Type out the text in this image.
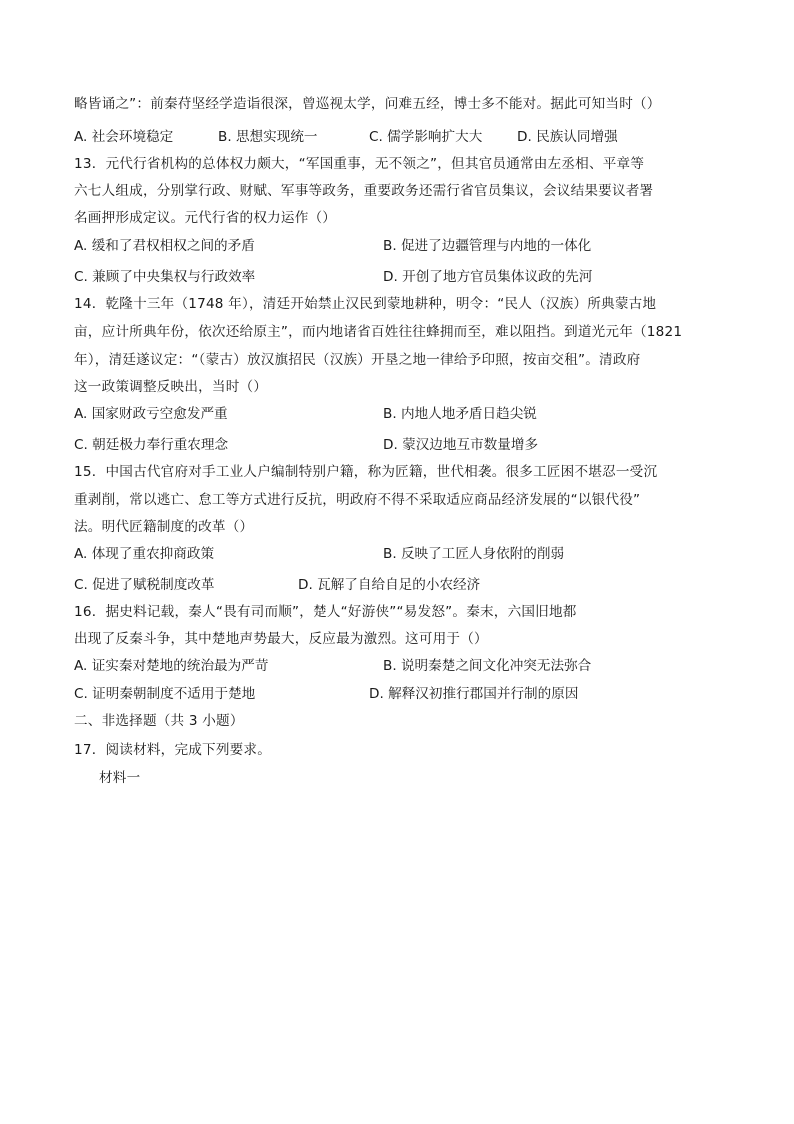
略皆诵之”：前秦苻坚经学造诣很深，曾巡视太学，问难五经，博士多不能对。据此可知当时（）
A. 社会环境稳定	B. 思想实现统一	C. 儒学影响扩大大	D. 民族认同增强
13．元代行省机构的总体权力颇大，“军国重事，无不领之”，但其官员通常由左丞相、平章等
六七人组成，分别掌行政、财赋、军事等政务，重要政务还需行省官员集议，会议结果要议者署
名画押形成定议。元代行省的权力运作（）
A. 缓和了君权相权之间的矛盾	B. 促进了边疆管理与内地的一体化
C. 兼顾了中央集权与行政效率	D. 开创了地方官员集体议政的先河
14．乾隆十三年（1748 年），清廷开始禁止汉民到蒙地耕种，明令：“民人（汉族）所典蒙古地
亩，应计所典年份，依次还给原主”，而内地诸省百姓往往蜂拥而至，难以阻挡。到道光元年（1821
年），清廷遂议定：“（蒙古）放汉旗招民（汉族）开垦之地一律给予印照，按亩交租”。清政府
这一政策调整反映出，当时（）
A. 国家财政亏空愈发严重	B. 内地人地矛盾日趋尖锐
C. 朝廷极力奉行重农理念	D. 蒙汉边地互市数量增多
15．中国古代官府对手工业人户编制特别户籍，称为匠籍，世代相袭。很多工匠困不堪忍一受沉
重剥削，常以逃亡、怠工等方式进行反抗，明政府不得不采取适应商品经济发展的“以银代役”
法。明代匠籍制度的改革（）
A. 体现了重农抑商政策	B. 反映了工匠人身依附的削弱
C. 促进了赋税制度改革	D. 瓦解了自给自足的小农经济
16．据史料记载，秦人“畏有司而顺”，楚人“好游侠”“易发怒”。秦末，六国旧地都
出现了反秦斗争，其中楚地声势最大，反应最为激烈。这可用于（）
A. 证实秦对楚地的统治最为严苛	B. 说明秦楚之间文化冲突无法弥合
C. 证明秦朝制度不适用于楚地	D. 解释汉初推行郡国并行制的原因
二、非选择题（共 3 小题）
17．阅读材料，完成下列要求。
材料一
